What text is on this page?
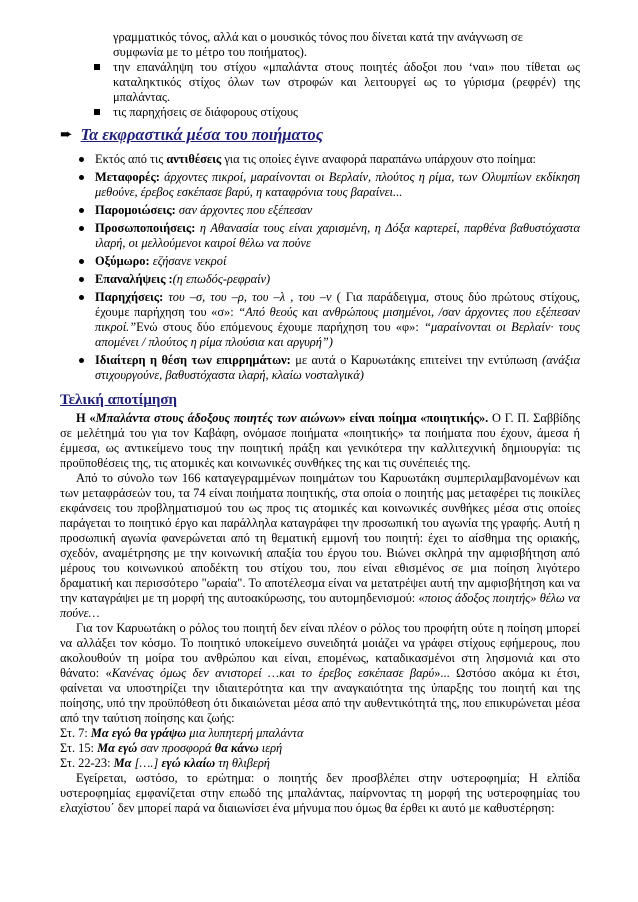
γραμματικός τόνος, αλλά και ο μουσικός τόνος που δίνεται κατά την ανάγνωση σε

συμφωνία με το μέτρο του ποιήματος).

την επανάληψη του στίχου «μπαλάντα στους ποιητές άδοξοι που ‘ναι» που τίθεται ως καταληκτικός στίχος όλων των στροφών και λειτουργεί ως το γύρισμα (ρεφρέν) της μπαλάντας.
τις παρηχήσεις σε διάφορους στίχους
➨ Τα εκφραστικά μέσα του ποιήματος
Εκτός από τις αντιθέσεις για τις οποίες έγινε αναφορά παραπάνω υπάρχουν στο ποίημα:
Μεταφορές: άρχοντες πικροί, μαραίνονται οι Βερλαίν, πλούτος η ρίμα, των Ολυμπίων εκδίκηση μεθούνε, έρεβος εσκέπασε βαρύ, η καταφρόνια τους βαραίνει...
Παρομοιώσεις: σαν άρχοντες που εξέπεσαν
Προσωποποιήσεις: η Αθανασία τους είναι χαρισμένη, η Δόξα καρτερεί, παρθένα βαθυστόχαστα ιλαρή, οι μελλούμενοι καιροί θέλω να πούνε
Οξύμωρο: εζήσανε νεκροί
Επαναλήψεις :(η επωδός-ρεφραίν)
Παρηχήσεις: του –σ, του –ρ, του –λ , του –ν ( Για παράδειγμα, στους δύο πρώτους στίχους, έχουμε παρήχηση του «σ»: “Από θεούς και ανθρώπους μισημένοι, /σαν άρχοντες που εξέπεσαν πικροί.”Ενώ στους δύο επόμενους έχουμε παρήχηση του «φ»: “μαραίνονται οι Βερλαίν· τους απομένει / πλούτος η ρίμα πλούσια και αργυρή”)
Ιδιαίτερη η θέση των επιρρημάτων: με αυτά ο Καρυωτάκης επιτείνει την εντύπωση (ανάξια στιχουργούνε, βαθυστόχαστα ιλαρή, κλαίω νοσταλγικά)
Τελική αποτίμηση

Η «Μπαλάντα στους άδοξους ποιητές των αιώνων» είναι ποίημα «ποιητικής». Ο Γ. Π. Σαββίδης σε μελέτημά του για τον Καβάφη, ονόμασε ποιήματα «ποιητικής» τα ποιήματα που έχουν, άμεσα ή έμμεσα, ως αντικείμενο τους την ποιητική πράξη και γενικότερα την καλλιτεχνική δημιουργία: τις προϋποθέσεις της, τις ατομικές και κοινωνικές συνθήκες της και τις συνέπειές της.

Από το σύνολο των 166 καταγεγραμμένων ποιημάτων του Καρυωτάκη συμπεριλαμβανομένων και των μεταφράσεών του, τα 74 είναι ποιήματα ποιητικής, στα οποία ο ποιητής μας μεταφέρει τις ποικίλες εκφάνσεις του προβληματισμού του ως προς τις ατομικές και κοινωνικές συνθήκες μέσα στις οποίες παράγεται το ποιητικό έργο και παράλληλα καταγράφει την προσωπική του αγωνία της γραφής. Αυτή η προσωπική αγωνία φανερώνεται από τη θεματική εμμονή του ποιητή: έχει το αίσθημα της οριακής, σχεδόν, αναμέτρησης με την κοινωνική απαξία του έργου του. Βιώνει σκληρά την αμφισβήτηση από μέρους του κοινωνικού αποδέκτη του στίχου του, που είναι εθισμένος σε μια ποίηση λιγότερο δραματική και περισσότερο "ωραία". Το αποτέλεσμα είναι να μετατρέψει αυτή την αμφισβήτηση και να την καταγράψει με τη μορφή της αυτοακύρωσης, του αυτομηδενισμού: «ποιος άδοξος ποιητής» θέλω να πούνε…

Για τον Καρυωτάκη ο ρόλος του ποιητή δεν είναι πλέον ο ρόλος του προφήτη ούτε η ποίηση μπορεί να αλλάξει τον κόσμο. Το ποιητικό υποκείμενο συνειδητά μοιάζει να γράφει στίχους εφήμερους, που ακολουθούν τη μοίρα του ανθρώπου και είναι, επομένως, καταδικασμένοι στη λησμονιά και στο θάνατο: «Κανένας όμως δεν ανιστορεί …και το έρεβος εσκέπασε βαρύ»... Ωστόσο ακόμα κι έτσι, φαίνεται να υποστηρίζει την ιδιαιτερότητα και την αναγκαιότητα της ύπαρξης του ποιητή και της ποίησης, υπό την προϋπόθεση ότι δικαιώνεται μέσα από την αυθεντικότητά της, που επικυρώνεται μέσα από την ταύτιση ποίησης και ζωής:

Στ. 7: Μα εγώ θα γράψω μια λυπητερή μπαλάντα

Στ. 15: Μα εγώ σαν προσφορά θα κάνω ιερή

Στ. 22-23: Μα [….] εγώ κλαίω τη θλιβερή

Εγείρεται, ωστόσο, το ερώτημα: ο ποιητής δεν προσβλέπει στην υστεροφημία; Η ελπίδα υστεροφημίας εμφανίζεται στην επωδό της μπαλάντας, παίρνοντας τη μορφή της υστεροφημίας του ελαχίστου΄ δεν μπορεί παρά να διαιωνίσει ένα μήνυμα που όμως θα έρθει κι αυτό με καθυστέρηση:
